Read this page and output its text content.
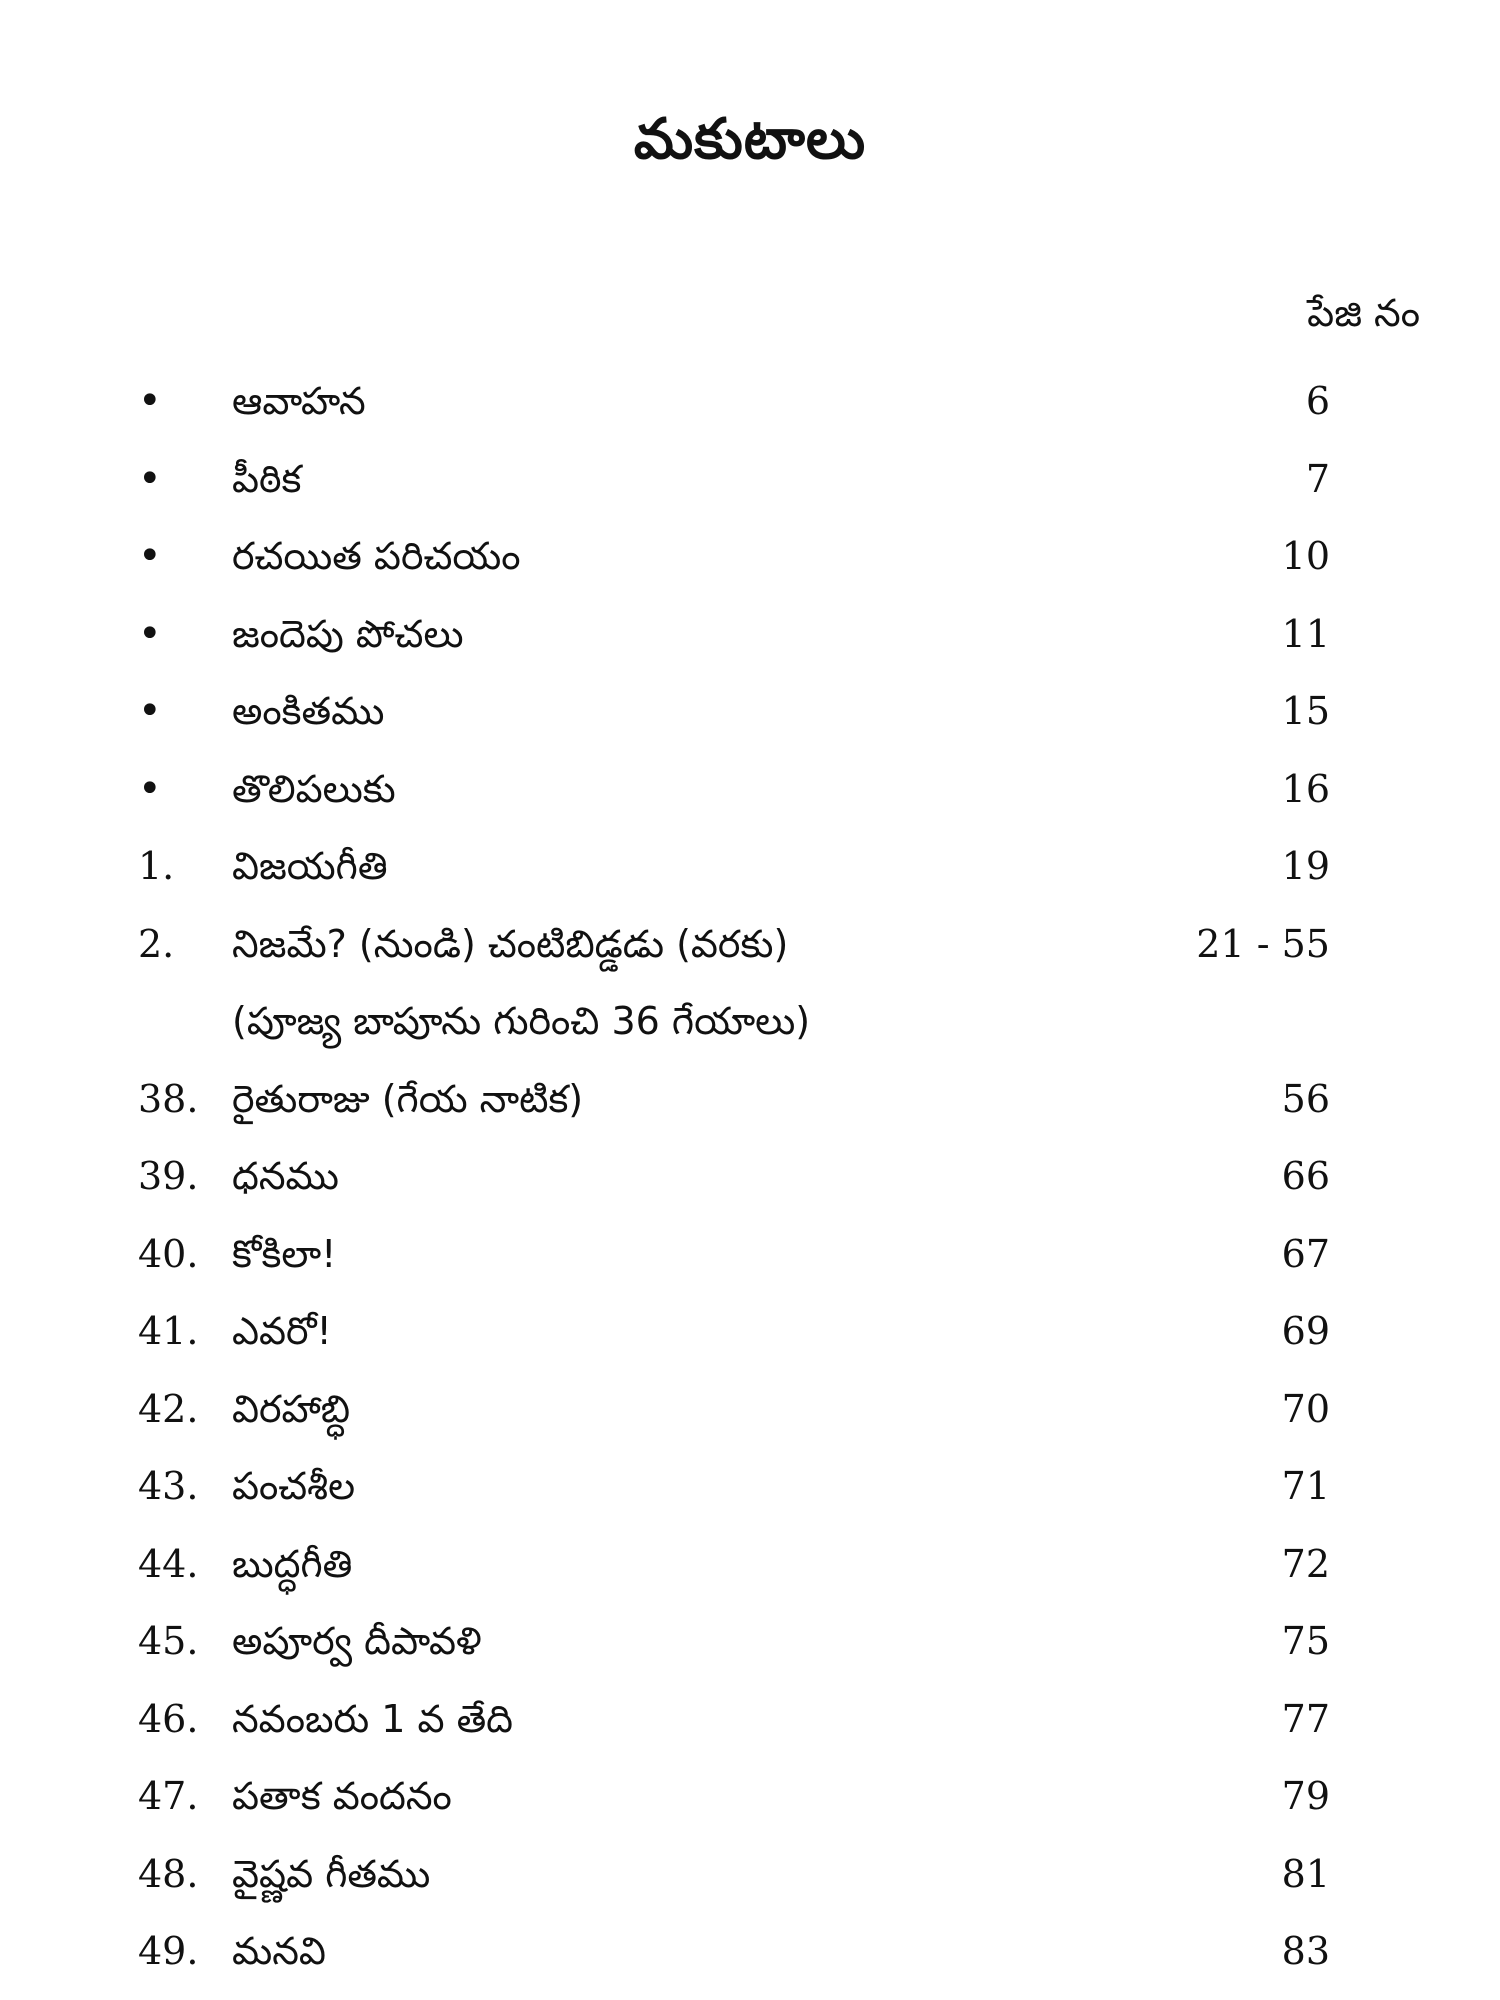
మకుటాలు
పేజి నం
• ఆవాహన	6
• పీఠిక	7
• రచయిత పరిచయం	10
• జందెపు పోచలు	11
• అంకితము	15
• తొలిపలుకు	16
1. విజయగీతి	19
2. నిజమే? (నుండి) చంటిబిడ్డడు (వరకు)	21 - 55
(పూజ్య బాపూను గురించి 36 గేయాలు)
38. రైతురాజు (గేయ నాటిక)	56
39. ధనము	66
40. కోకిలా!	67
41. ఎవరో!	69
42. విరహాబ్ధి	70
43. పంచశీల	71
44. బుద్ధగీతి	72
45. అపూర్వ దీపావళి	75
46. నవంబరు 1 వ తేది	77
47. పతాక వందనం	79
48. వైష్ణవ గీతము	81
49. మనవి	83
